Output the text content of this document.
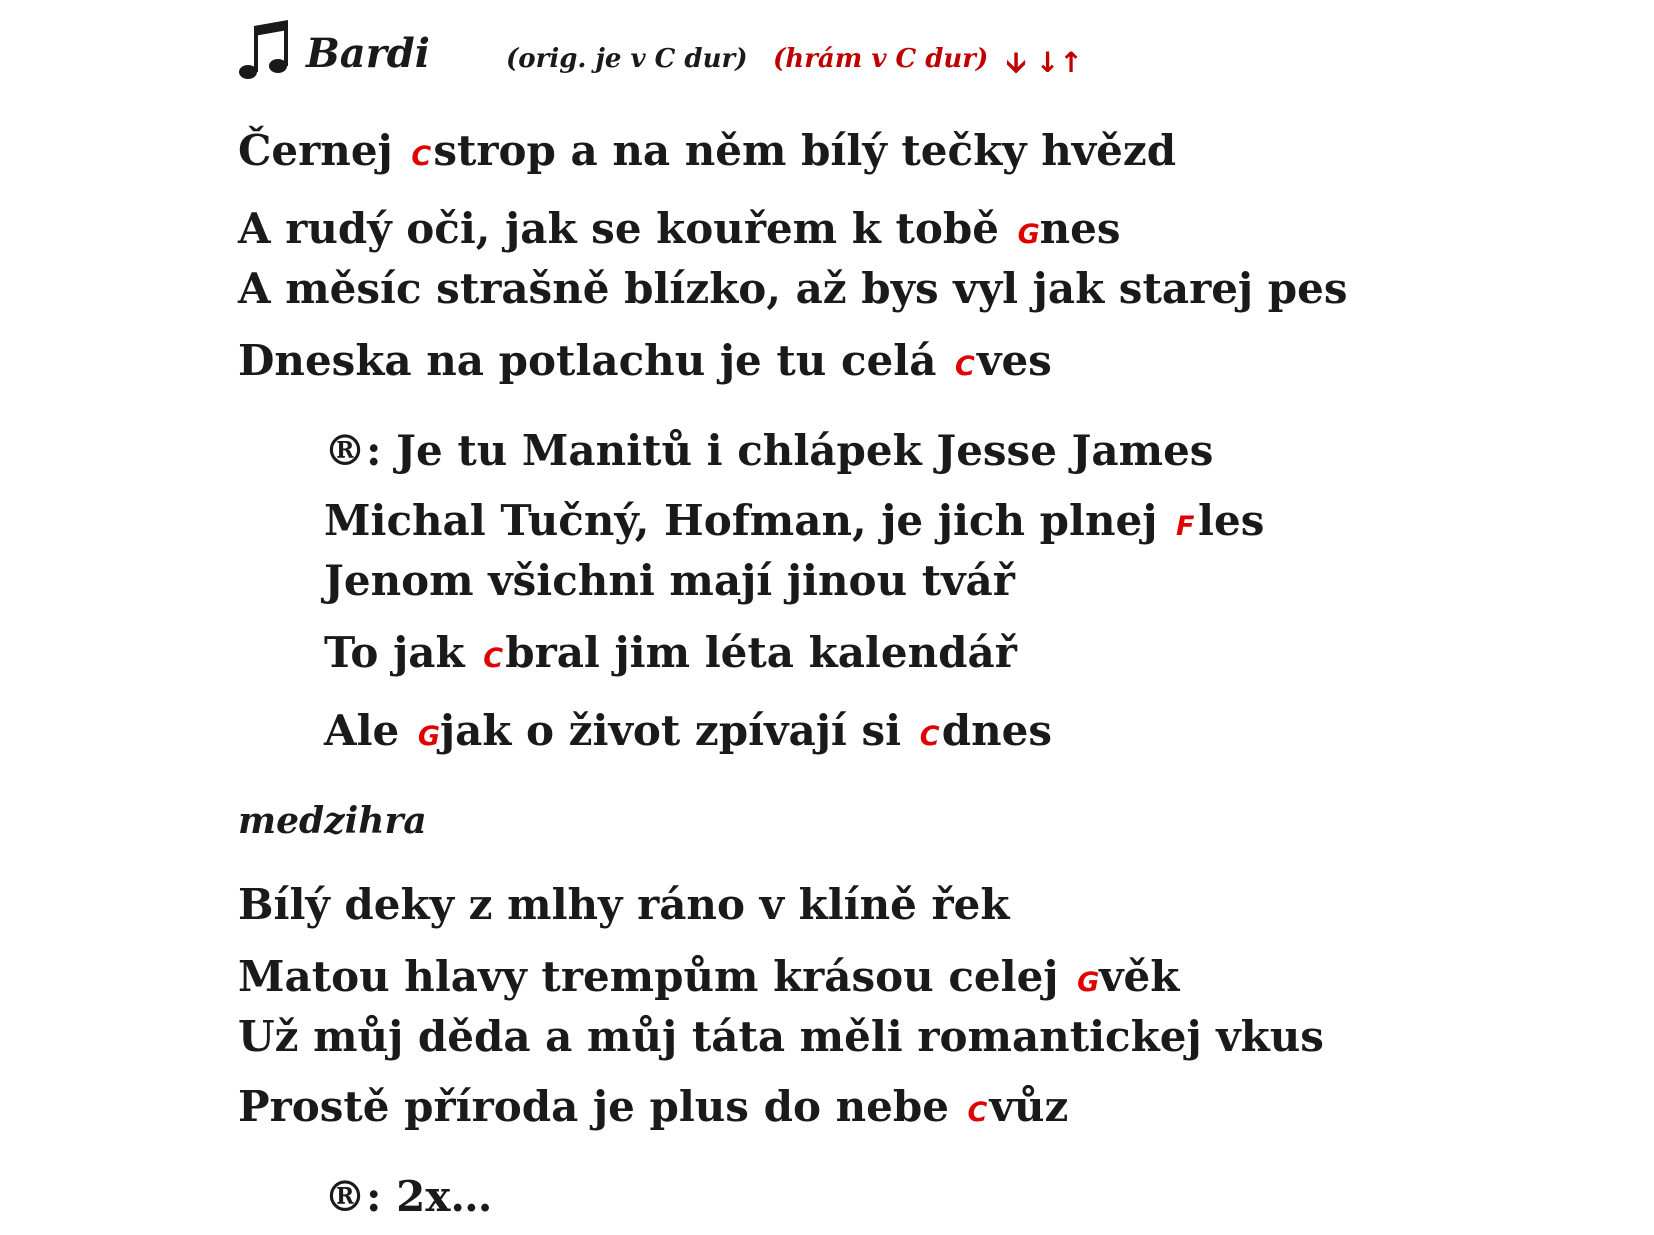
Bardi	(orig. je v C dur) (hrám v C dur) 🡫 ↓↑
Černej C strop a na něm bílý tečky hvězd
A rudý oči, jak se kouřem k tobě G nes
A měsíc strašně blízko, až bys vyl jak starej pes
Dneska na potlachu je tu celá C ves
®: Je tu Manitů i chlápek Jesse James
Michal Tučný, Hofman, je jich plnej F les
Jenom všichni mají jinou tvář
To jak C bral jim léta kalendář
Ale G jak o život zpívají si C dnes
medzihra
Bílý deky z mlhy ráno v klíně řek
Matou hlavy trempům krásou celej G věk
Už můj děda a můj táta měli romantickej vkus
Prostě příroda je plus do nebe C vůz
®: 2x…
